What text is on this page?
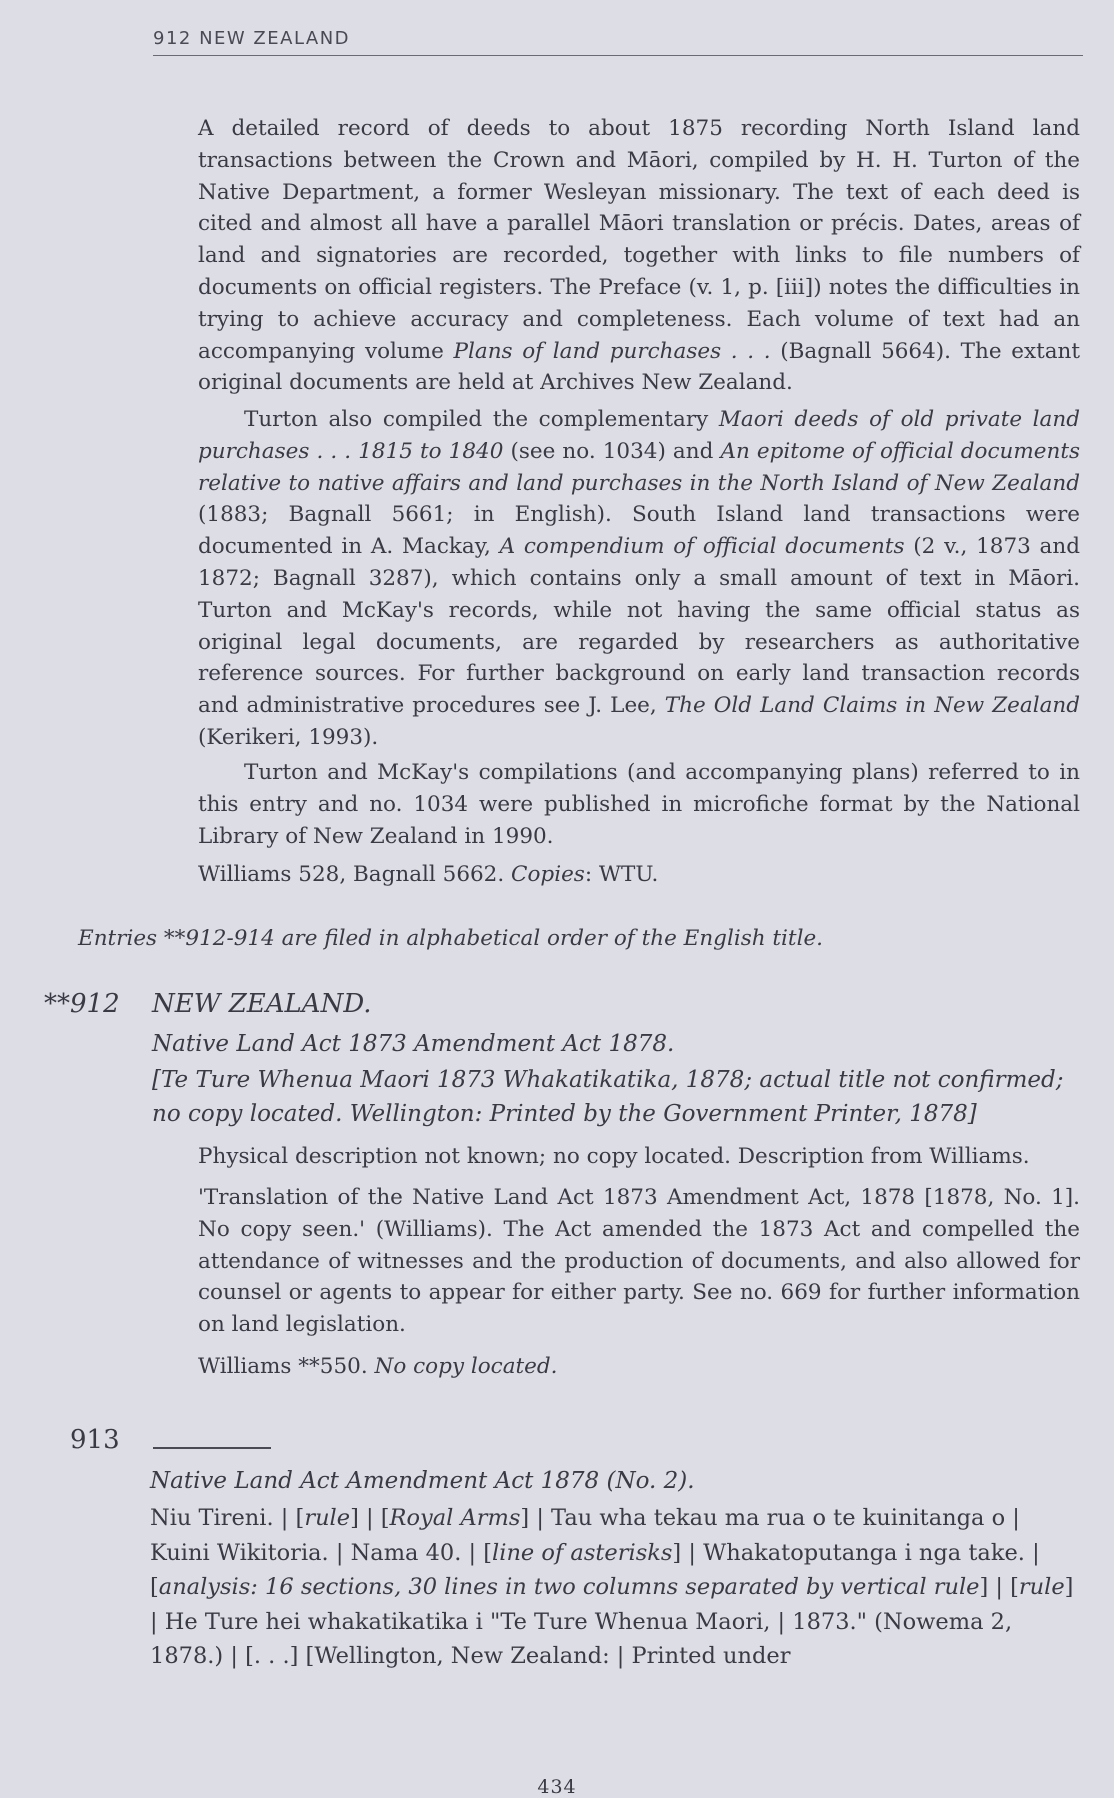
912 NEW ZEALAND

A detailed record of deeds to about 1875 recording North Island land transactions between the Crown and Māori, compiled by H. H. Turton of the Native Department, a former Wesleyan missionary. The text of each deed is cited and almost all have a parallel Māori translation or précis. Dates, areas of land and signatories are recorded, together with links to file numbers of documents on official registers. The Preface (v. 1, p. [iii]) notes the difficulties in trying to achieve accuracy and completeness. Each volume of text had an accompanying volume Plans of land purchases . . . (Bagnall 5664). The extant original documents are held at Archives New Zealand.

Turton also compiled the complementary Maori deeds of old private land purchases . . . 1815 to 1840 (see no. 1034) and An epitome of official documents relative to native affairs and land purchases in the North Island of New Zealand (1883; Bagnall 5661; in English). South Island land transactions were documented in A. Mackay, A compendium of official documents (2 v., 1873 and 1872; Bagnall 3287), which contains only a small amount of text in Māori. Turton and McKay's records, while not having the same official status as original legal documents, are regarded by researchers as authoritative reference sources. For further background on early land transaction records and administrative procedures see J. Lee, The Old Land Claims in New Zealand (Kerikeri, 1993).

Turton and McKay's compilations (and accompanying plans) referred to in this entry and no. 1034 were published in microfiche format by the National Library of New Zealand in 1990.

Williams 528, Bagnall 5662. Copies: WTU.
Entries **912-914 are filed in alphabetical order of the English title.
**912 NEW ZEALAND.

Native Land Act 1873 Amendment Act 1878.

[Te Ture Whenua Maori 1873 Whakatikatika, 1878; actual title not confirmed; no copy located. Wellington: Printed by the Government Printer, 1878]

Physical description not known; no copy located. Description from Williams.

'Translation of the Native Land Act 1873 Amendment Act, 1878 [1878, No. 1]. No copy seen.' (Williams). The Act amended the 1873 Act and compelled the attendance of witnesses and the production of documents, and also allowed for counsel or agents to appear for either party. See no. 669 for further information on land legislation.

Williams **550. No copy located.
913

Native Land Act Amendment Act 1878 (No. 2).

Niu Tireni. | [rule] | [Royal Arms] | Tau wha tekau ma rua o te kuinitanga o | Kuini Wikitoria. | Nama 40. | [line of asterisks] | Whakatoputanga i nga take. | [analysis: 16 sections, 30 lines in two columns separated by vertical rule] | [rule] | He Ture hei whakatikatika i "Te Ture Whenua Maori, | 1873." (Nowema 2, 1878.) | [. . .] [Wellington, New Zealand: | Printed under

434
